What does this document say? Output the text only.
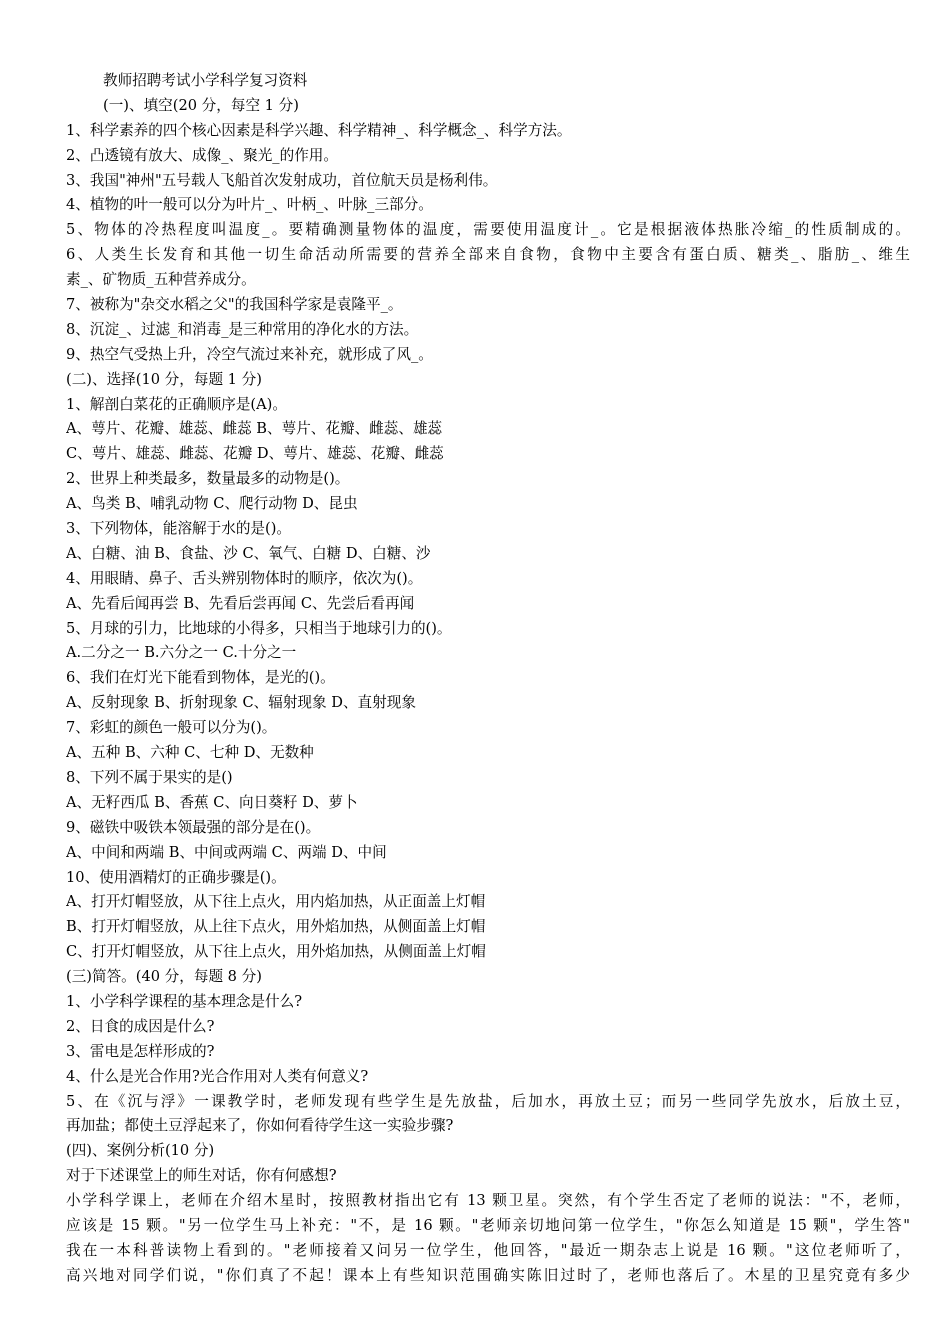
教师招聘考试小学科学复习资料
(一)、填空(20 分，每空 1 分)
1、科学素养的四个核心因素是科学兴趣、科学精神_、科学概念_、科学方法。
2、凸透镜有放大、成像_、聚光_的作用。
3、我国"神州"五号载人飞船首次发射成功，首位航天员是杨利伟。
4、植物的叶一般可以分为叶片_、叶柄_、叶脉_三部分。
5、物体的冷热程度叫温度_。要精确测量物体的温度，需要使用温度计_。它是根据液体热胀冷缩_的性质制成的。
6、人类生长发育和其他一切生命活动所需要的营养全部来自食物，食物中主要含有蛋白质、糖类_、脂肪_、维生
素_、矿物质_五种营养成分。
7、被称为"杂交水稻之父"的我国科学家是袁隆平_。
8、沉淀_、过滤_和消毒_是三种常用的净化水的方法。
9、热空气受热上升，冷空气流过来补充，就形成了风_。
(二)、选择(10 分，每题 1 分)
1、解剖白菜花的正确顺序是(A)。
A、萼片、花瓣、雄蕊、雌蕊 B、萼片、花瓣、雌蕊、雄蕊
C、萼片、雄蕊、雌蕊、花瓣 D、萼片、雄蕊、花瓣、雌蕊
2、世界上种类最多，数量最多的动物是()。
A、鸟类 B、哺乳动物 C、爬行动物 D、昆虫
3、下列物体，能溶解于水的是()。
A、白糖、油 B、食盐、沙 C、氧气、白糖 D、白糖、沙
4、用眼睛、鼻子、舌头辨别物体时的顺序，依次为()。
A、先看后闻再尝 B、先看后尝再闻 C、先尝后看再闻
5、月球的引力，比地球的小得多，只相当于地球引力的()。
A.二分之一 B.六分之一 C.十分之一
6、我们在灯光下能看到物体，是光的()。
A、反射现象 B、折射现象 C、辐射现象 D、直射现象
7、彩虹的颜色一般可以分为()。
A、五种 B、六种 C、七种 D、无数种
8、下列不属于果实的是()
A、无籽西瓜 B、香蕉 C、向日葵籽 D、萝卜
9、磁铁中吸铁本领最强的部分是在()。
A、中间和两端 B、中间或两端 C、两端 D、中间
10、使用酒精灯的正确步骤是()。
A、打开灯帽竖放，从下往上点火，用内焰加热，从正面盖上灯帽
B、打开灯帽竖放，从上往下点火，用外焰加热，从侧面盖上灯帽
C、打开灯帽竖放，从下往上点火，用外焰加热，从侧面盖上灯帽
(三)简答。(40 分，每题 8 分)
1、小学科学课程的基本理念是什么?
2、日食的成因是什么?
3、雷电是怎样形成的?
4、什么是光合作用?光合作用对人类有何意义?
5、在《沉与浮》一课教学时，老师发现有些学生是先放盐，后加水，再放土豆；而另一些同学先放水，后放土豆，
再加盐；都使土豆浮起来了，你如何看待学生这一实验步骤?
(四)、案例分析(10 分)
对于下述课堂上的师生对话，你有何感想?
小学科学课上，老师在介绍木星时，按照教材指出它有 13 颗卫星。突然，有个学生否定了老师的说法："不，老师，
应该是 15 颗。"另一位学生马上补充："不，是 16 颗。"老师亲切地问第一位学生，"你怎么知道是 15 颗"，学生答"
我在一本科普读物上看到的。"老师接着又问另一位学生，他回答，"最近一期杂志上说是 16 颗。"这位老师听了，
高兴地对同学们说，"你们真了不起！课本上有些知识范围确实陈旧过时了，老师也落后了。木星的卫星究竟有多少
